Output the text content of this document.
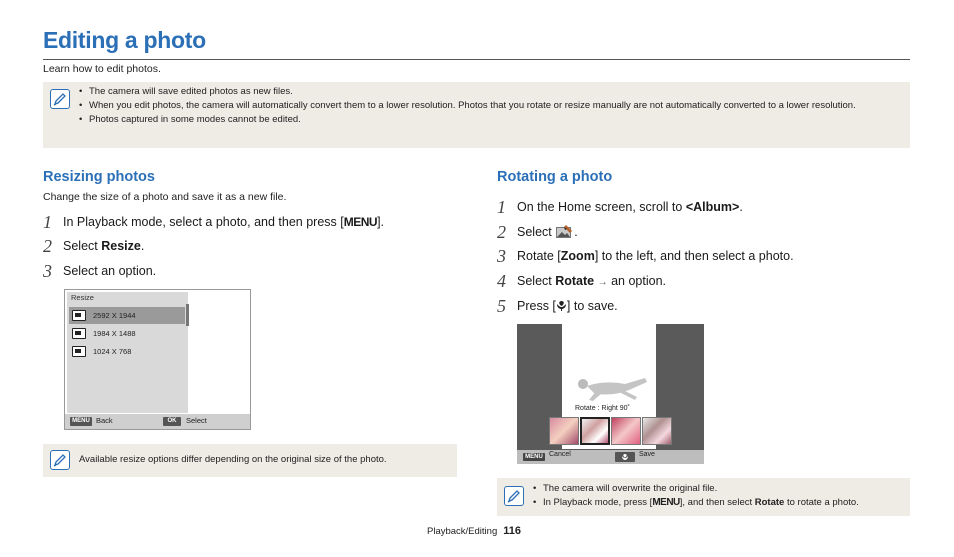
Editing a photo
Learn how to edit photos.
• The camera will save edited photos as new files.
• When you edit photos, the camera will automatically convert them to a lower resolution. Photos that you rotate or resize manually are not automatically converted to a lower resolution.
• Photos captured in some modes cannot be edited.
Resizing photos
Change the size of a photo and save it as a new file.
1 In Playback mode, select a photo, and then press [MENU].
2 Select Resize.
3 Select an option.
Resize
2592 X 1944
1984 X 1488
1024 X 768
MENU Back	OK	Select
Available resize options differ depending on the original size of the photo.
Rotating a photo
1 On the Home screen, scroll to <Album>.
2 Select .
3 Rotate [Zoom] to the left, and then select a photo.
4 Select Rotate → an option.
5 Press [ ] to save.
Rotate : Right 90˚
MENU Cancel	Save
• The camera will overwrite the original file.
• In Playback mode, press [MENU], and then select Rotate to rotate a photo.
Playback/Editing 116
